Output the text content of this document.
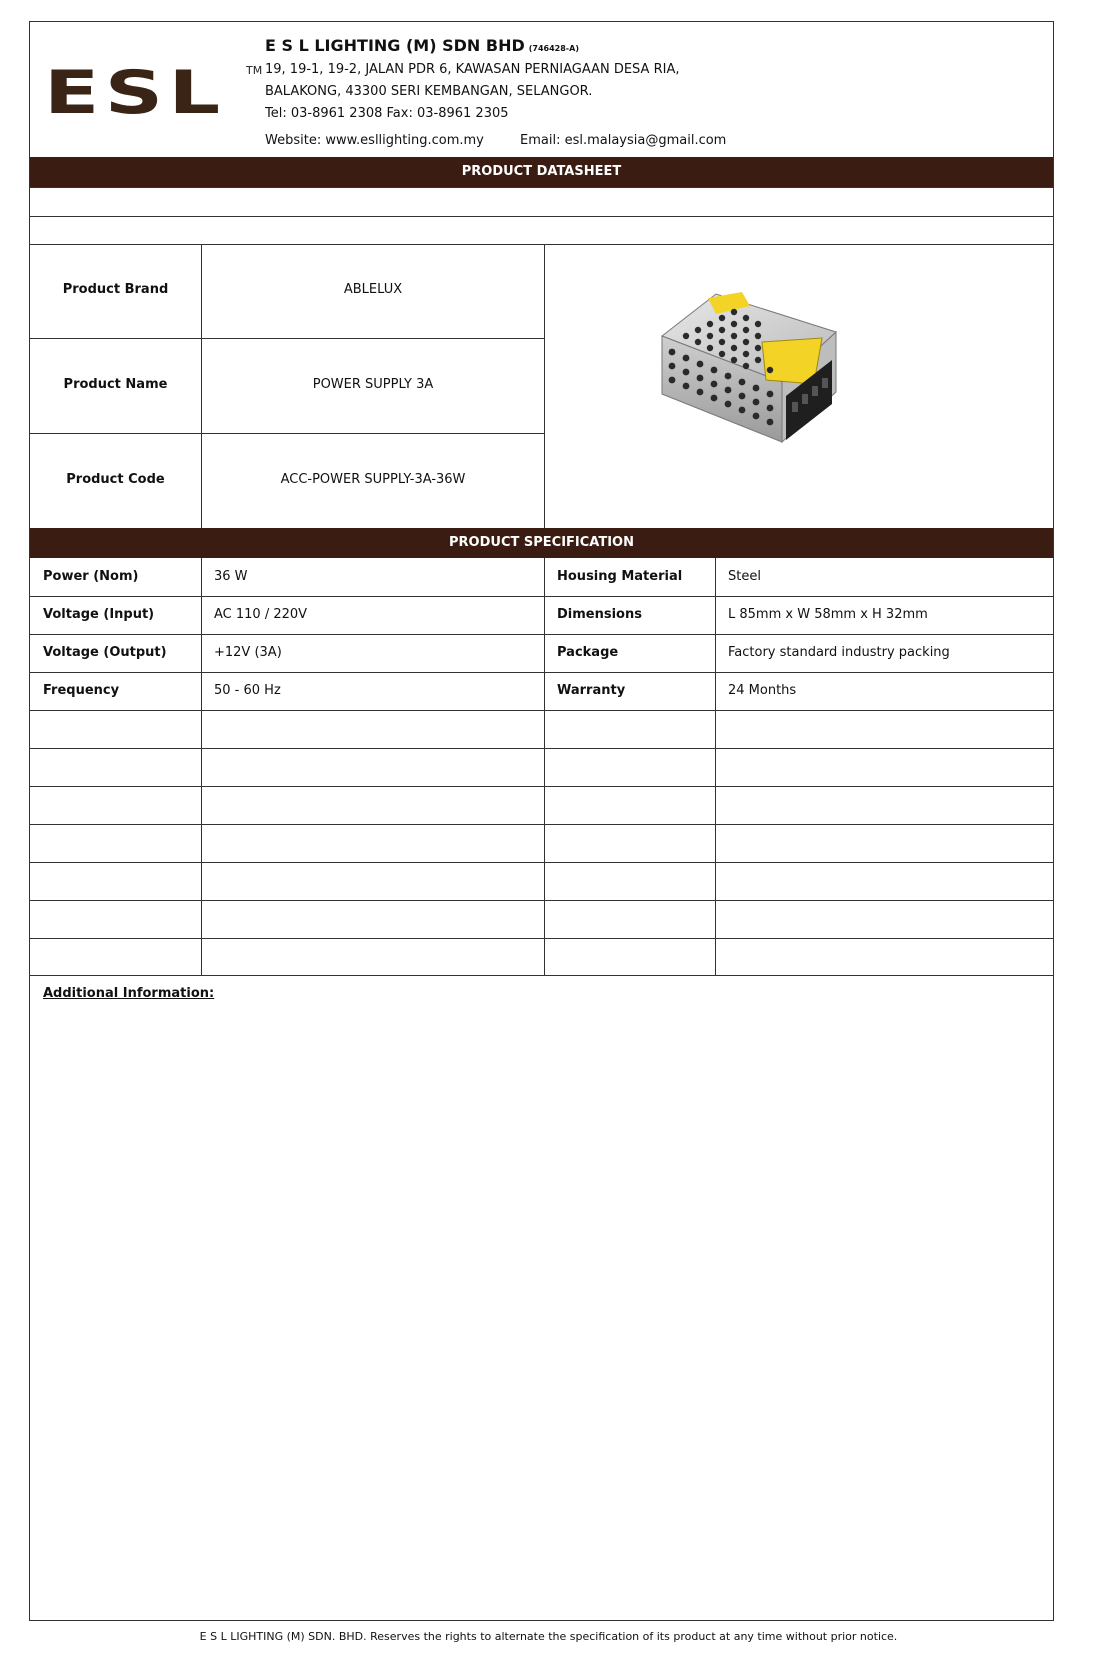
ESL TM
E S L LIGHTING (M) SDN BHD (746428-A)
19, 19-1, 19-2, JALAN PDR 6, KAWASAN PERNIAGAAN DESA RIA,
BALAKONG, 43300 SERI KEMBANGAN, SELANGOR.
Tel: 03-8961 2308 Fax: 03-8961 2305
Website: www.esllighting.com.my	Email: esl.malaysia@gmail.com
PRODUCT DATASHEET
Product Brand	ABLELUX
Product Name	POWER SUPPLY 3A
Product Code	ACC-POWER SUPPLY-3A-36W
PRODUCT SPECIFICATION
Power (Nom)	36 W	Housing Material	Steel
Voltage (Input)	AC 110 / 220V	Dimensions	L 85mm x W 58mm x H 32mm
Voltage (Output)	+12V (3A)	Package	Factory standard industry packing
Frequency	50 - 60 Hz	Warranty	24 Months
Additional Information:
E S L LIGHTING (M) SDN. BHD. Reserves the rights to alternate the specification of its product at any time without prior notice.
